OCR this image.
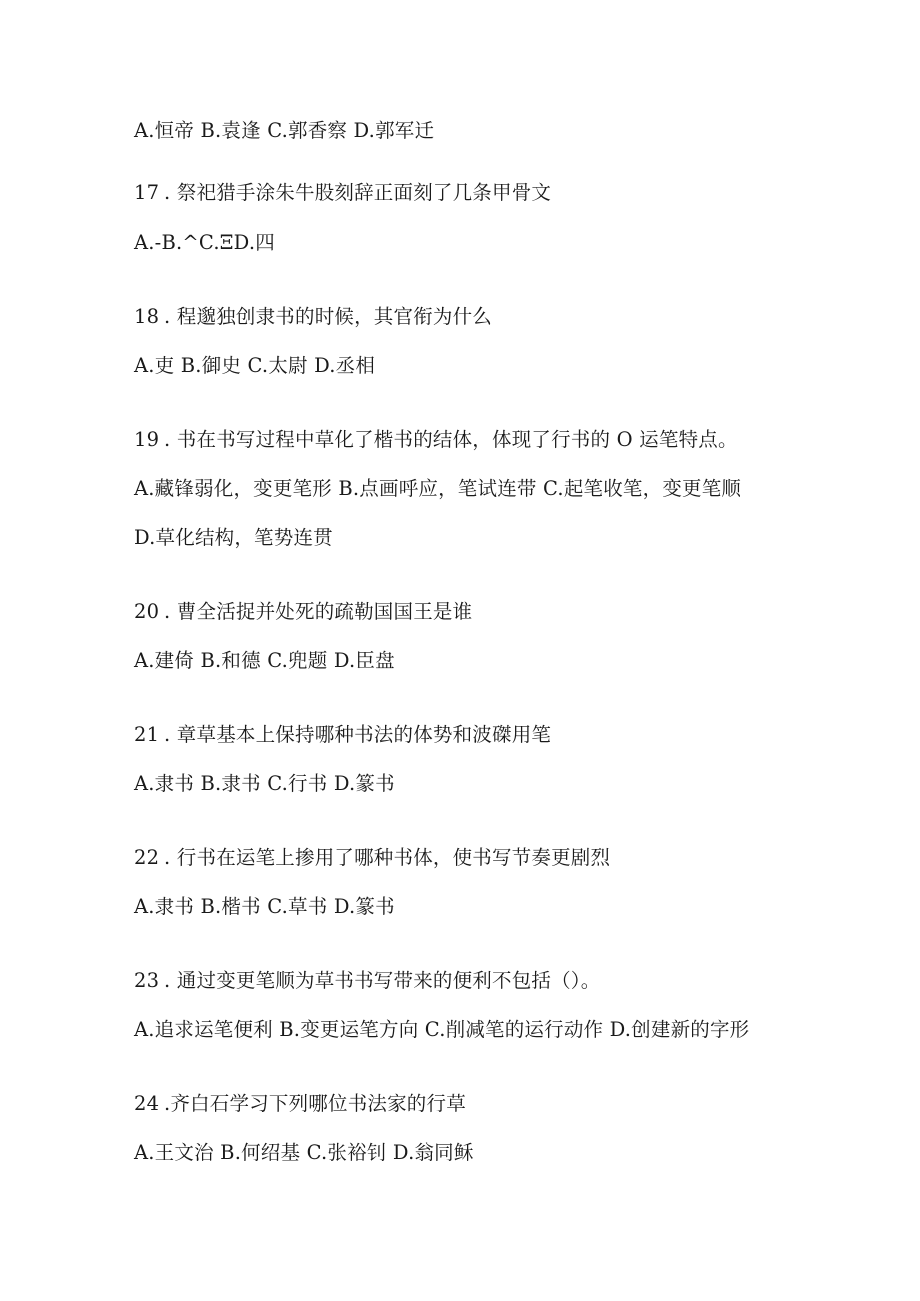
A.恒帝 B.袁逢 C.郭香察 D.郭军迁
17 . 祭祀猎手涂朱牛股刻辞正面刻了几条甲骨文
A.-B.^C.ΞD.四
18 . 程邈独创隶书的时候，其官衔为什么
A.吏 B.御史 C.太尉 D.丞相
19 . 书在书写过程中草化了楷书的结体，体现了行书的 O 运笔特点。
A.藏锋弱化，变更笔形 B.点画呼应，笔试连带 C.起笔收笔，变更笔顺
D.草化结构，笔势连贯
20 . 曹全活捉并处死的疏勒国国王是谁
A.建倚 B.和德 C.兜题 D.臣盘
21 . 章草基本上保持哪种书法的体势和波磔用笔
A.隶书 B.隶书 C.行书 D.篆书
22 . 行书在运笔上掺用了哪种书体，使书写节奏更剧烈
A.隶书 B.楷书 C.草书 D.篆书
23 . 通过变更笔顺为草书书写带来的便利不包括（）。
A.追求运笔便利 B.变更运笔方向 C.削减笔的运行动作 D.创建新的字形
24 .齐白石学习下列哪位书法家的行草
A.王文治 B.何绍基 C.张裕钊 D.翁同稣
